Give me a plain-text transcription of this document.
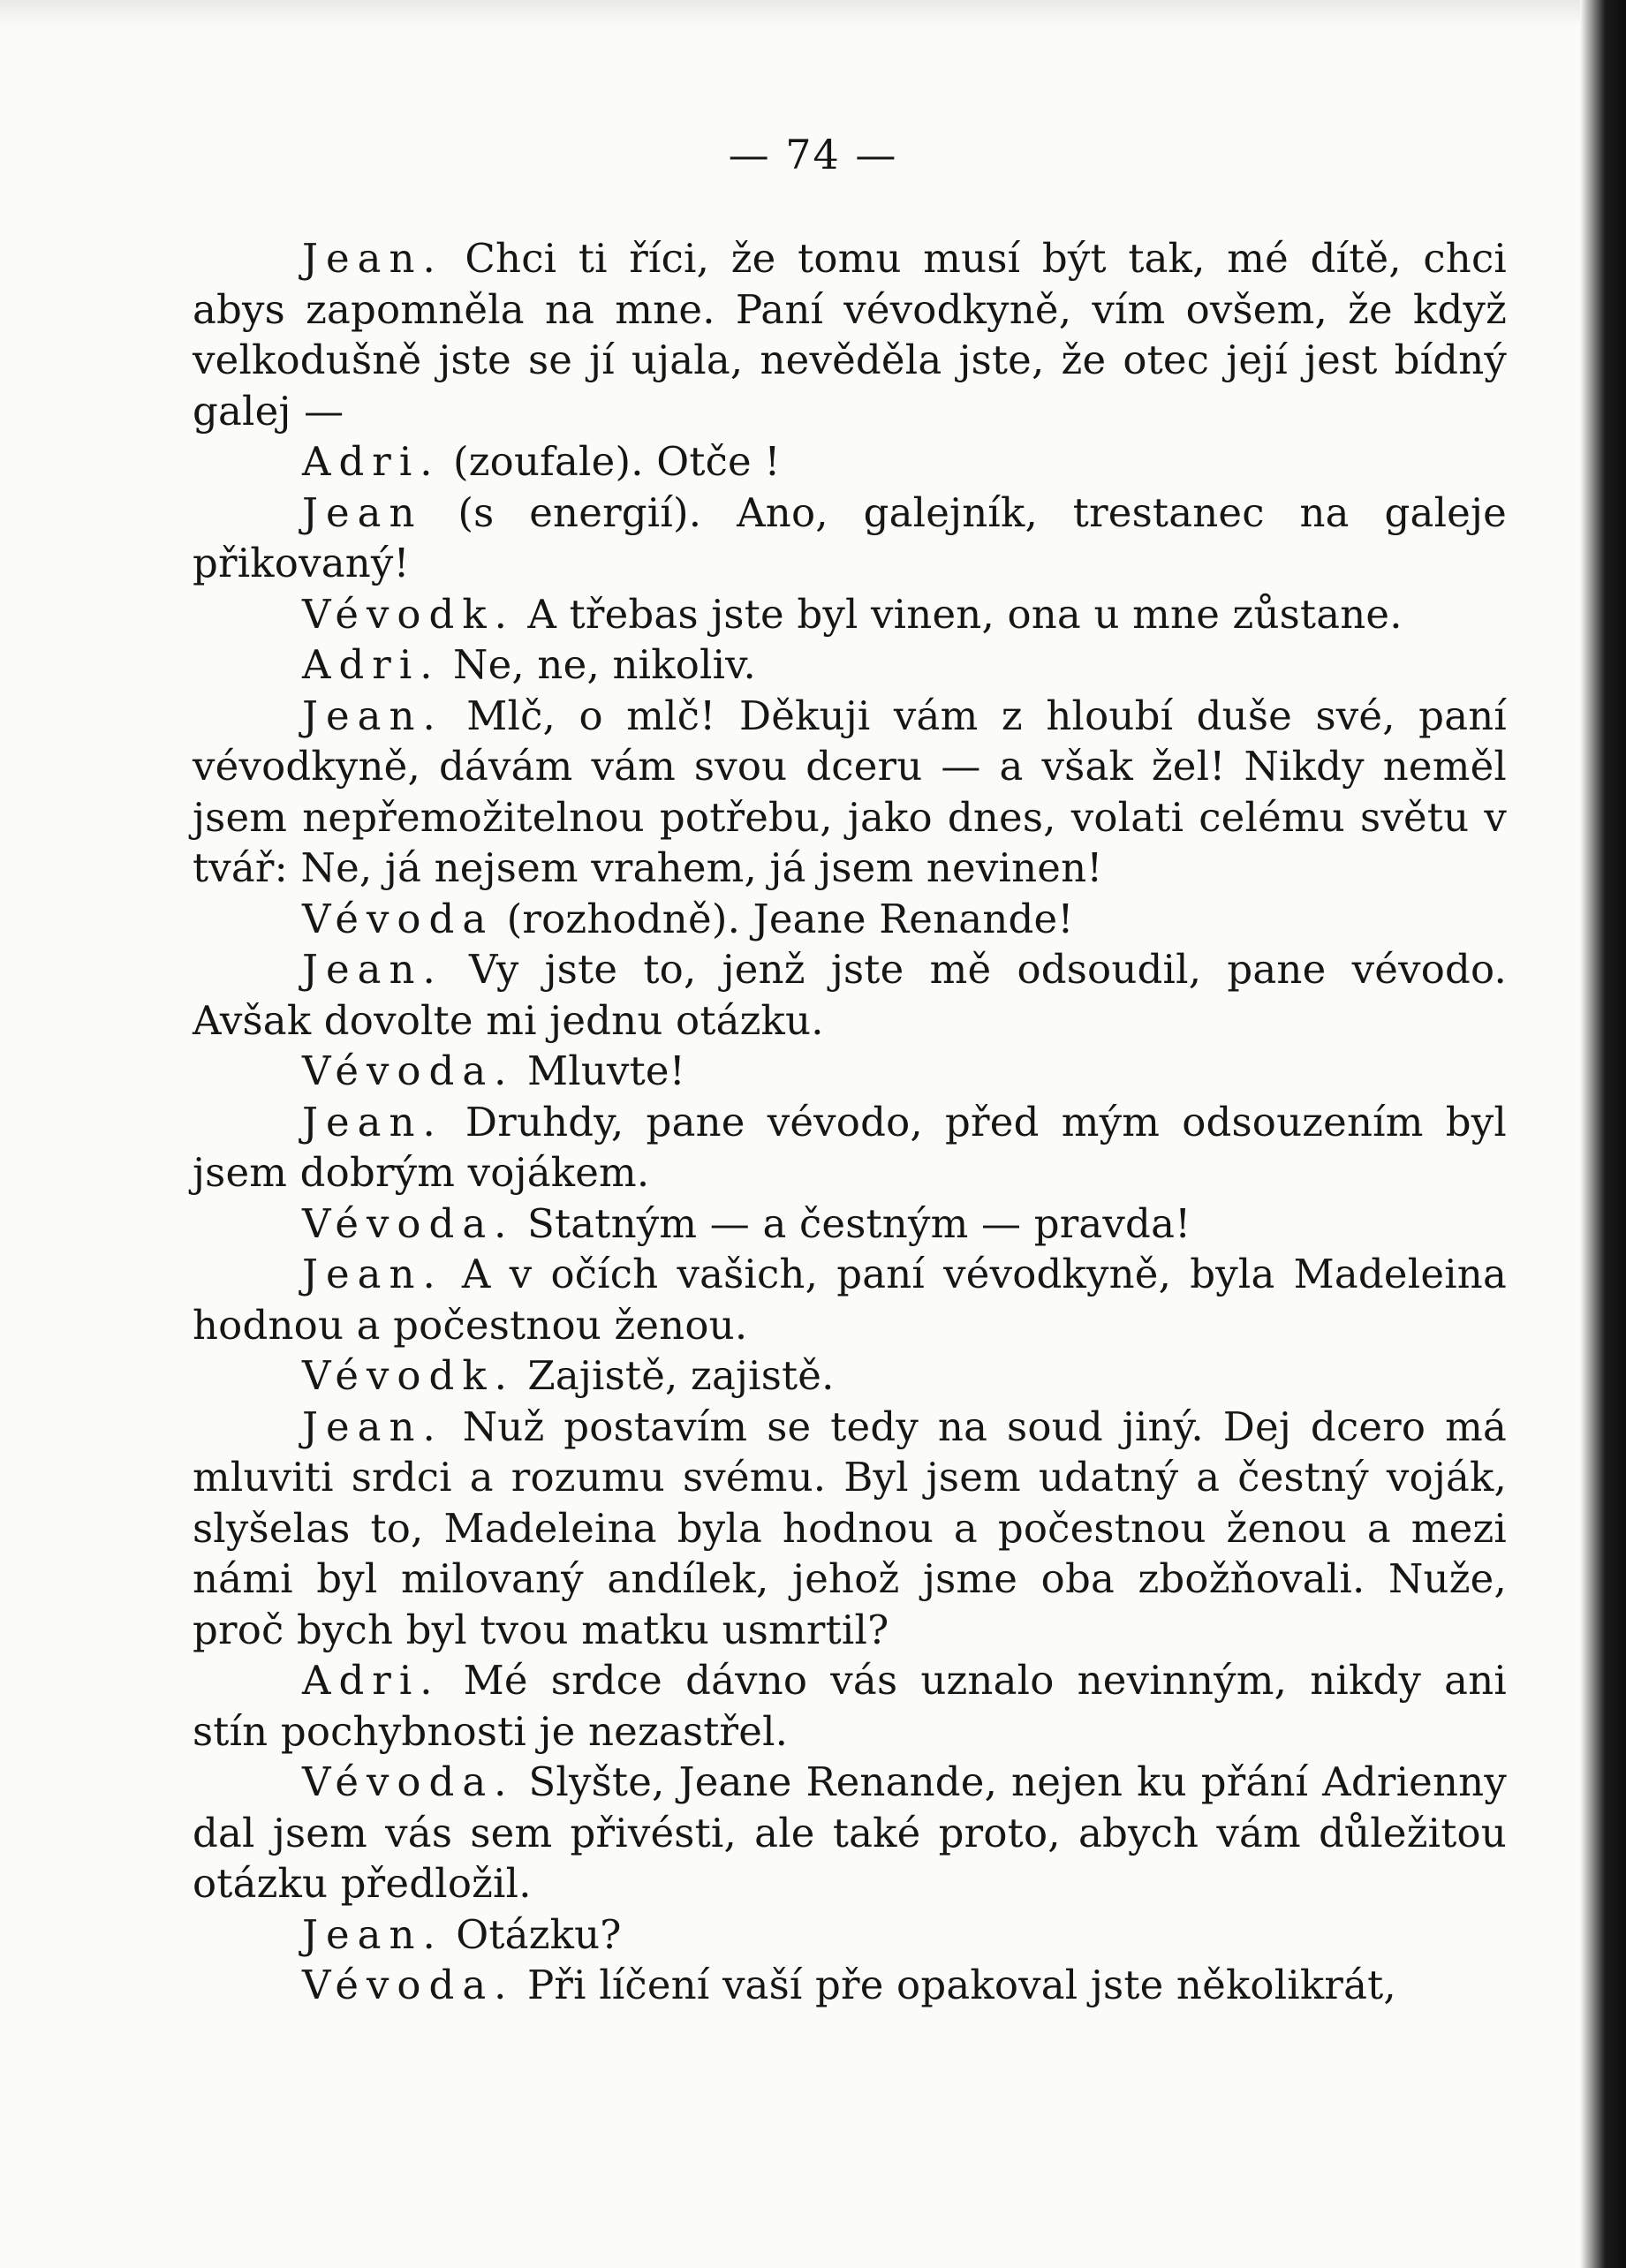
— 74 —

Jean. Chci ti říci, že tomu musí být tak, mé dítě, chci abys zapomněla na mne. Paní vévodkyně, vím ovšem, že když velkodušně jste se jí ujala, nevěděla jste, že otec její jest bídný galej —

Adri. (zoufale). Otče !

Jean (s energií). Ano, galejník, trestanec na galeje přikovaný!

Vévodk. A třebas jste byl vinen, ona u mne zůstane.

Adri. Ne, ne, nikoliv.

Jean. Mlč, o mlč! Děkuji vám z hloubí duše své, paní vévodkyně, dávám vám svou dceru — a však žel! Nikdy neměl jsem nepřemožitelnou potřebu, jako dnes, volati celému světu v tvář: Ne, já nejsem vrahem, já jsem nevinen!

Vévoda (rozhodně). Jeane Renande!

Jean. Vy jste to, jenž jste mě odsoudil, pane vévodo. Avšak dovolte mi jednu otázku.

Vévoda. Mluvte!

Jean. Druhdy, pane vévodo, před mým odsouzením byl jsem dobrým vojákem.

Vévoda. Statným — a čestným — pravda!

Jean. A v očích vašich, paní vévodkyně, byla Madeleina hodnou a počestnou ženou.

Vévodk. Zajistě, zajistě.

Jean. Nuž postavím se tedy na soud jiný. Dej dcero má mluviti srdci a rozumu svému. Byl jsem udatný a čestný voják, slyšelas to, Madeleina byla hodnou a počestnou ženou a mezi námi byl milovaný andílek, jehož jsme oba zbožňovali. Nuže, proč bych byl tvou matku usmrtil?

Adri. Mé srdce dávno vás uznalo nevinným, nikdy ani stín pochybnosti je nezastřel.

Vévoda. Slyšte, Jeane Renande, nejen ku přání Adrienny dal jsem vás sem přivésti, ale také proto, abych vám důležitou otázku předložil.

Jean. Otázku?

Vévoda. Při líčení vaší pře opakoval jste několikrát,
